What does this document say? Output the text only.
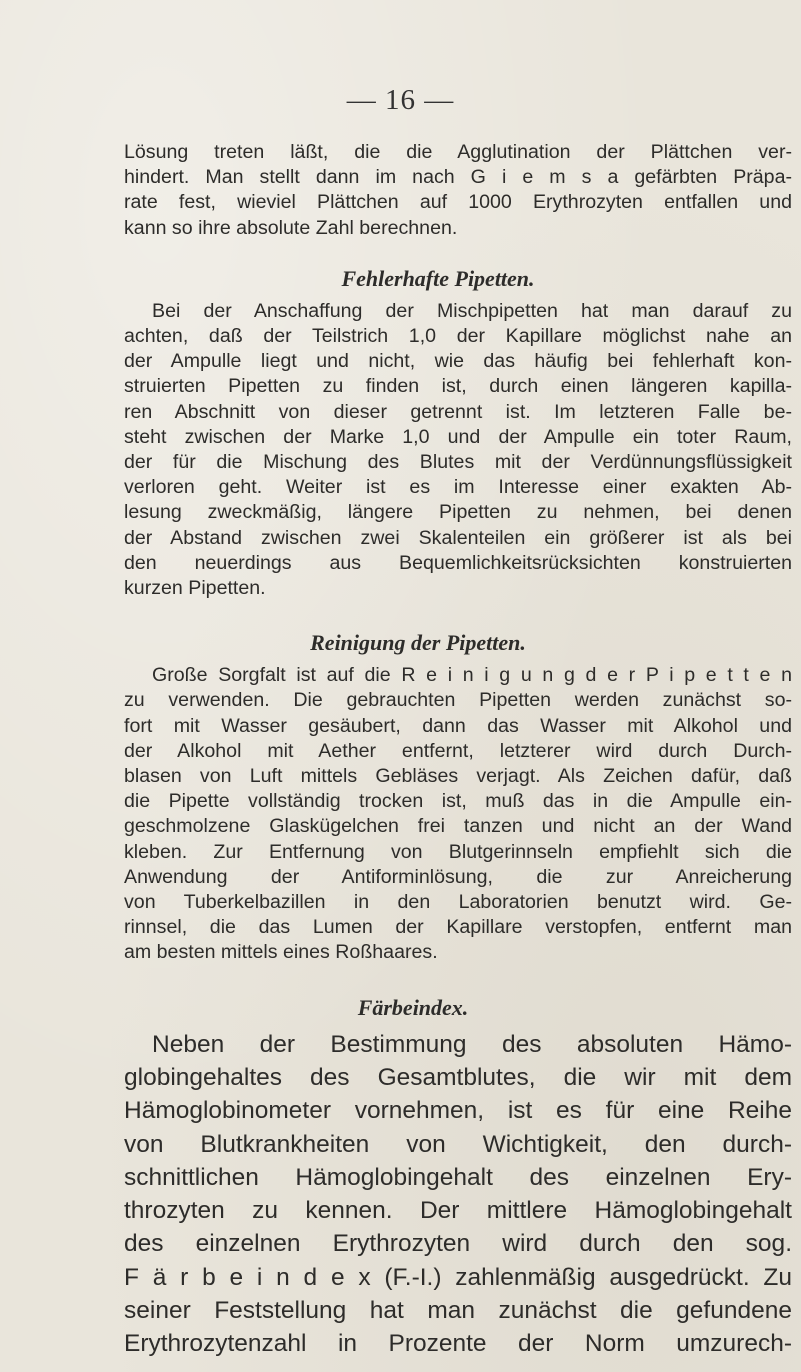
— 16 —

Lösung treten läßt, die die Agglutination der Plättchen ver-
hindert. Man stellt dann im nach G i e m s a gefärbten Präpa-
rate fest, wieviel Plättchen auf 1000 Erythrozyten entfallen und
kann so ihre absolute Zahl berechnen.

Fehlerhafte Pipetten.

Bei der Anschaffung der Mischpipetten hat man darauf zu
achten, daß der Teilstrich 1,0 der Kapillare möglichst nahe an
der Ampulle liegt und nicht, wie das häufig bei fehlerhaft kon-
struierten Pipetten zu finden ist, durch einen längeren kapilla-
ren Abschnitt von dieser getrennt ist. Im letzteren Falle be-
steht zwischen der Marke 1,0 und der Ampulle ein toter Raum,
der für die Mischung des Blutes mit der Verdünnungsflüssigkeit
verloren geht. Weiter ist es im Interesse einer exakten Ab-
lesung zweckmäßig, längere Pipetten zu nehmen, bei denen
der Abstand zwischen zwei Skalenteilen ein größerer ist als bei
den neuerdings aus Bequemlichkeitsrücksichten konstruierten
kurzen Pipetten.

Reinigung der Pipetten.

Große Sorgfalt ist auf die R e i n i g u n g d e r P i p e t t e n
zu verwenden. Die gebrauchten Pipetten werden zunächst so-
fort mit Wasser gesäubert, dann das Wasser mit Alkohol und
der Alkohol mit Aether entfernt, letzterer wird durch Durch-
blasen von Luft mittels Gebläses verjagt. Als Zeichen dafür, daß
die Pipette vollständig trocken ist, muß das in die Ampulle ein-
geschmolzene Glaskügelchen frei tanzen und nicht an der Wand
kleben. Zur Entfernung von Blutgerinnseln empfiehlt sich die
Anwendung der Antiforminlösung, die zur Anreicherung
von Tuberkelbazillen in den Laboratorien benutzt wird. Ge-
rinnsel, die das Lumen der Kapillare verstopfen, entfernt man
am besten mittels eines Roßhaares.

Färbeindex.

Neben der Bestimmung des absoluten Hämo-
globingehaltes des Gesamtblutes, die wir mit dem
Hämoglobinometer vornehmen, ist es für eine Reihe
von Blutkrankheiten von Wichtigkeit, den durch-
schnittlichen Hämoglobingehalt des einzelnen Ery-
throzyten zu kennen. Der mittlere Hämoglobingehalt
des einzelnen Erythrozyten wird durch den sog.
F ä r b e i n d e x (F.-I.) zahlenmäßig ausgedrückt. Zu
seiner Feststellung hat man zunächst die gefundene
Erythrozytenzahl in Prozente der Norm umzurech-
